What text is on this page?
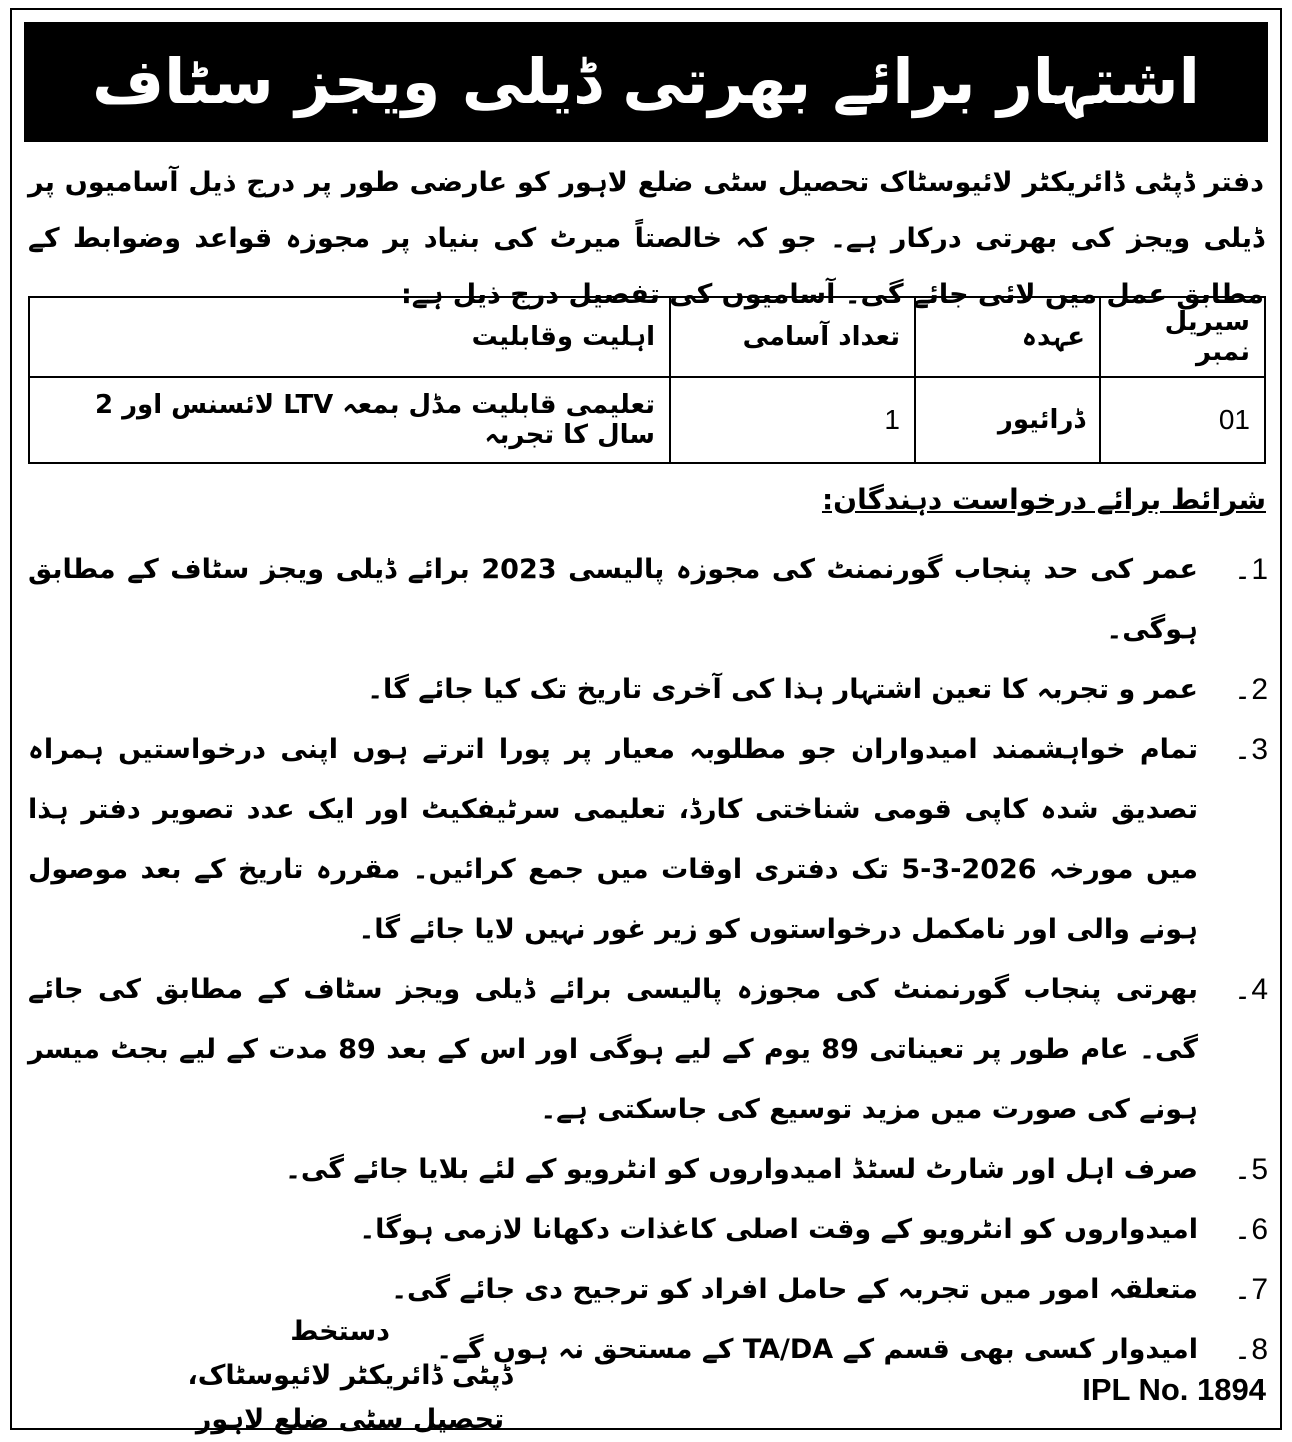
اشتہار برائے بھرتی ڈیلی ویجز سٹاف
دفتر ڈپٹی ڈائریکٹر لائیوسٹاک تحصیل سٹی ضلع لاہور کو عارضی طور پر درج ذیل آسامیوں پر ڈیلی ویجز کی بھرتی درکار ہے۔ جو کہ خالصتاً میرٹ کی بنیاد پر مجوزہ قواعد وضوابط کے مطابق عمل میں لائی جائے گی۔ آسامیوں کی تفصیل درج ذیل ہے:
سیریل نمبر	عہدہ	تعداد آسامی	اہلیت وقابلیت
01	ڈرائیور	1	تعلیمی قابلیت مڈل بمعہ LTV لائسنس اور 2 سال کا تجربہ
شرائط برائے درخواست دہندگان:
1۔
عمر کی حد پنجاب گورنمنٹ کی مجوزہ پالیسی 2023 برائے ڈیلی ویجز سٹاف کے مطابق ہوگی۔
2۔
عمر و تجربہ کا تعین اشتہار ہذا کی آخری تاریخ تک کیا جائے گا۔
3۔
تمام خواہشمند امیدواران جو مطلوبہ معیار پر پورا اترتے ہوں اپنی درخواستیں ہمراہ تصدیق شدہ کاپی قومی شناختی کارڈ، تعلیمی سرٹیفکیٹ اور ایک عدد تصویر دفتر ہذا میں مورخہ 2026-3-5 تک دفتری اوقات میں جمع کرائیں۔ مقررہ تاریخ کے بعد موصول ہونے والی اور نامکمل درخواستوں کو زیر غور نہیں لایا جائے گا۔
4۔
بھرتی پنجاب گورنمنٹ کی مجوزہ پالیسی برائے ڈیلی ویجز سٹاف کے مطابق کی جائے گی۔ عام طور پر تعیناتی 89 یوم کے لیے ہوگی اور اس کے بعد 89 مدت کے لیے بجٹ میسر ہونے کی صورت میں مزید توسیع کی جاسکتی ہے۔
5۔
صرف اہل اور شارٹ لسٹڈ امیدواروں کو انٹرویو کے لئے بلایا جائے گی۔
6۔
امیدواروں کو انٹرویو کے وقت اصلی کاغذات دکھانا لازمی ہوگا۔
7۔
متعلقہ امور میں تجربہ کے حامل افراد کو ترجیح دی جائے گی۔
8۔
امیدوار کسی بھی قسم کے TA/DA کے مستحق نہ ہوں گے۔
دستخط
ڈپٹی ڈائریکٹر لائیوسٹاک، تحصیل سٹی ضلع لاہور
IPL No. 1894
